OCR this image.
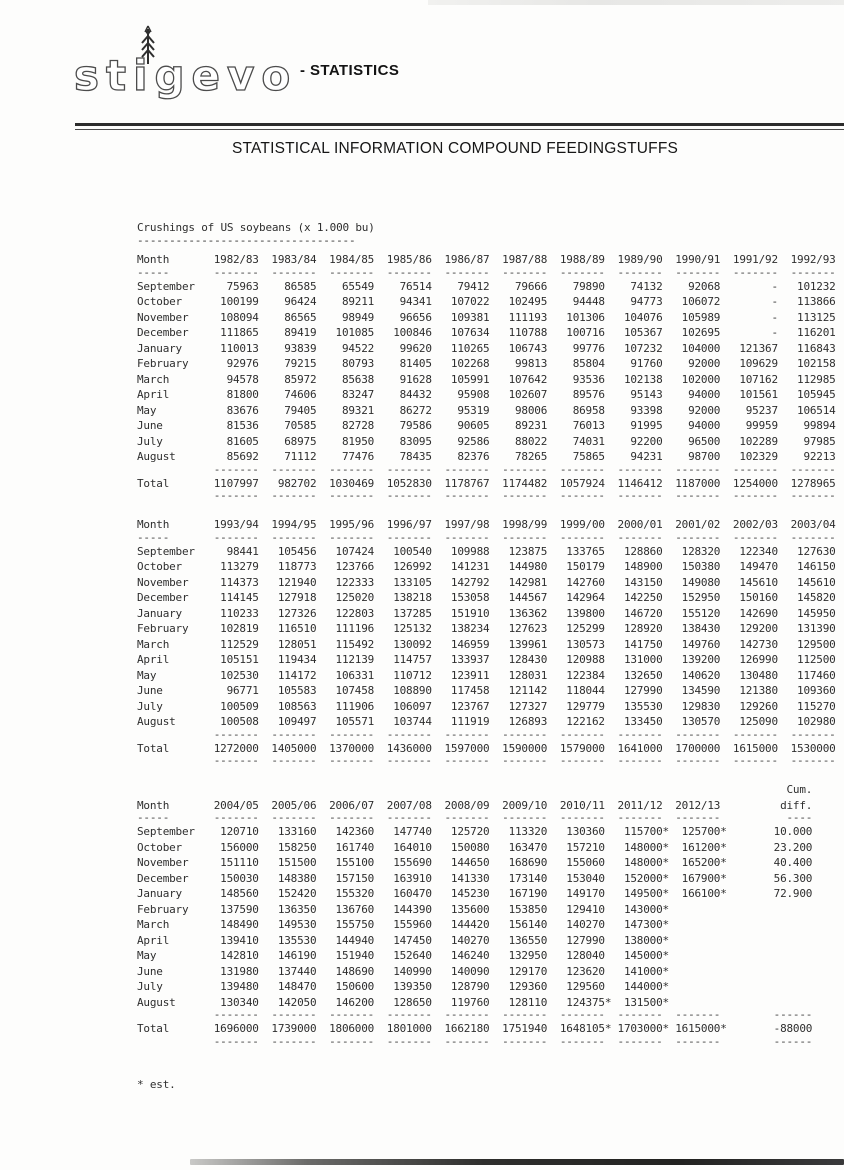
stigevo - STATISTICS
STATISTICAL INFORMATION COMPOUND FEEDINGSTUFFS
Crushings of US soybeans (x 1.000 bu)
----------------------------------
Month	1982/83	1983/84	1984/85	1985/86	1986/87	1987/88	1988/89	1989/90	1990/91	1991/92	1992/93
-----	-------	-------	-------	-------	-------	-------	-------	-------	-------	-------	-------
September	75963	86585	65549	76514	79412	79666	79890	74132	92068	-	101232
October	100199	96424	89211	94341	107022	102495	94448	94773	106072	-	113866
November	108094	86565	98949	96656	109381	111193	101306	104076	105989	-	113125
December	111865	89419	101085	100846	107634	110788	100716	105367	102695	-	116201
January	110013	93839	94522	99620	110265	106743	99776	107232	104000	121367	116843
February	92976	79215	80793	81405	102268	99813	85804	91760	92000	109629	102158
March	94578	85972	85638	91628	105991	107642	93536	102138	102000	107162	112985
April	81800	74606	83247	84432	95908	102607	89576	95143	94000	101561	105945
May	83676	79405	89321	86272	95319	98006	86958	93398	92000	95237	106514
June	81536	70585	82728	79586	90605	89231	76013	91995	94000	99959	99894
July	81605	68975	81950	83095	92586	88022	74031	92200	96500	102289	97985
August	85692	71112	77476	78435	82376	78265	75865	94231	98700	102329	92213
-------	-------	-------	-------	-------	-------	-------	-------	-------	-------	-------
Total	1107997	982702	1030469	1052830	1178767	1174482	1057924	1146412	1187000	1254000	1278965
-------	-------	-------	-------	-------	-------	-------	-------	-------	-------	-------
Month	1993/94	1994/95	1995/96	1996/97	1997/98	1998/99	1999/00	2000/01	2001/02	2002/03	2003/04
-----	-------	-------	-------	-------	-------	-------	-------	-------	-------	-------	-------
September	98441	105456	107424	100540	109988	123875	133765	128860	128320	122340	127630
October	113279	118773	123766	126992	141231	144980	150179	148900	150380	149470	146150
November	114373	121940	122333	133105	142792	142981	142760	143150	149080	145610	145610
December	114145	127918	125020	138218	153058	144567	142964	142250	152950	150160	145820
January	110233	127326	122803	137285	151910	136362	139800	146720	155120	142690	145950
February	102819	116510	111196	125132	138234	127623	125299	128920	138430	129200	131390
March	112529	128051	115492	130092	146959	139961	130573	141750	149760	142730	129500
April	105151	119434	112139	114757	133937	128430	120988	131000	139200	126990	112500
May	102530	114172	106331	110712	123911	128031	122384	132650	140620	130480	117460
June	96771	105583	107458	108890	117458	121142	118044	127990	134590	121380	109360
July	100509	108563	111906	106097	123767	127327	129779	135530	129830	129260	115270
August	100508	109497	105571	103744	111919	126893	122162	133450	130570	125090	102980
-------	-------	-------	-------	-------	-------	-------	-------	-------	-------	-------
Total	1272000	1405000	1370000	1436000	1597000	1590000	1579000	1641000	1700000	1615000	1530000
-------	-------	-------	-------	-------	-------	-------	-------	-------	-------	-------
Cum.
Month	2004/05	2005/06	2006/07	2007/08	2008/09	2009/10	2010/11	2011/12	2012/13	diff.
-----	-------	-------	-------	-------	-------	-------	-------	-------	-------	----
September	120710	133160	142360	147740	125720	113320	130360	115700*	125700*	10.000
October	156000	158250	161740	164010	150080	163470	157210	148000*	161200*	23.200
November	151110	151500	155100	155690	144650	168690	155060	148000*	165200*	40.400
December	150030	148380	157150	163910	141330	173140	153040	152000*	167900*	56.300
January	148560	152420	155320	160470	145230	167190	149170	149500*	166100*	72.900
February	137590	136350	136760	144390	135600	153850	129410	143000*
March	148490	149530	155750	155960	144420	156140	140270	147300*
April	139410	135530	144940	147450	140270	136550	127990	138000*
May	142810	146190	151940	152640	146240	132950	128040	145000*
June	131980	137440	148690	140990	140090	129170	123620	141000*
July	139480	148470	150600	139350	128790	129360	129560	144000*
August	130340	142050	146200	128650	119760	128110	124375*	131500*
-------	-------	-------	-------	-------	-------	-------	-------	-------	------
Total	1696000	1739000	1806000	1801000	1662180	1751940	1648105* 1703000* 1615000*	-88000
-------	-------	-------	-------	-------	-------	-------	-------	-------	------
* est.
